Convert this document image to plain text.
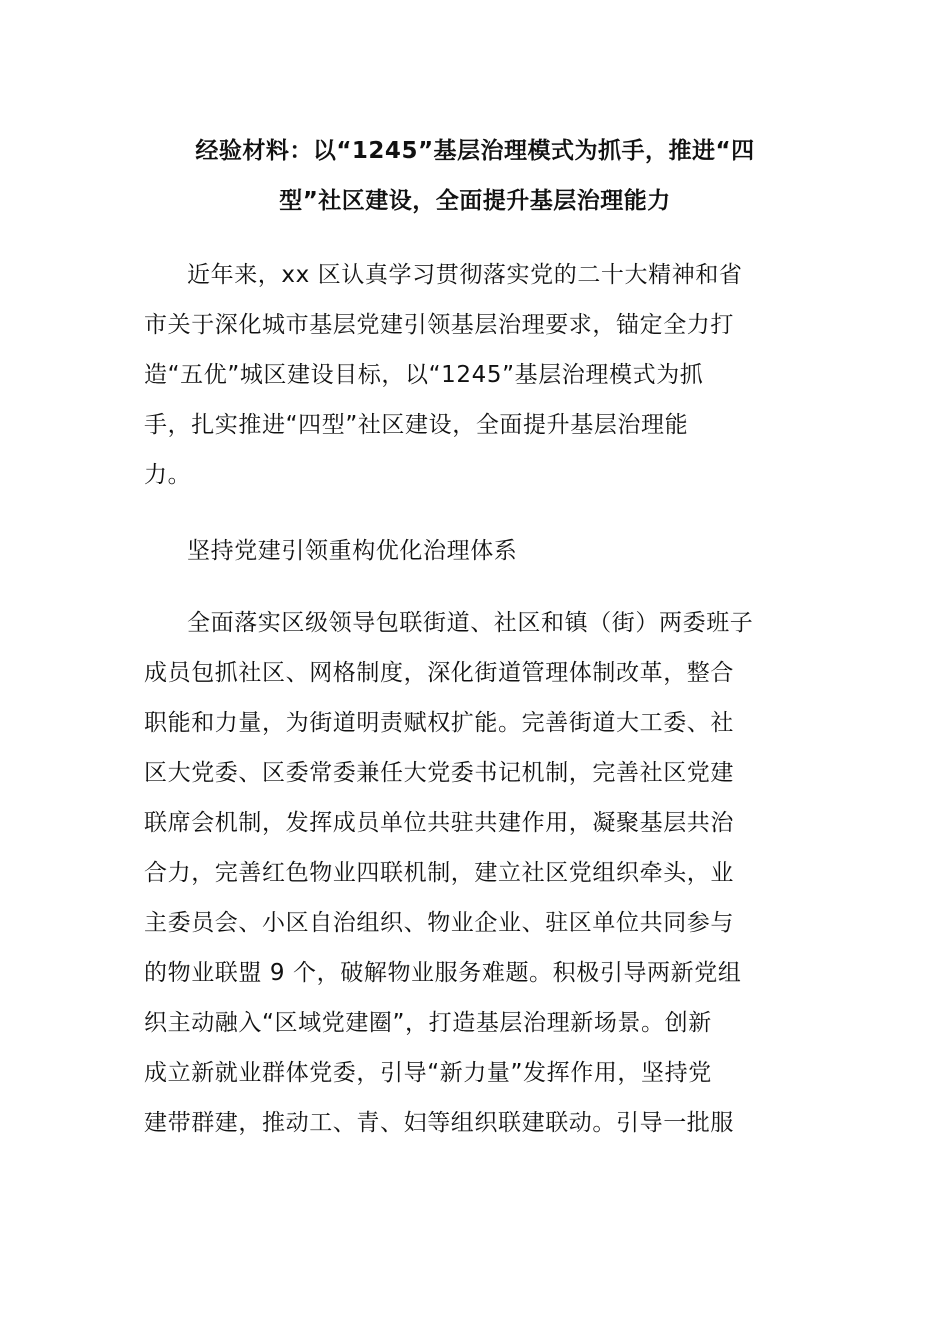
经验材料：以“1245”基层治理模式为抓手，推进“四
型”社区建设，全面提升基层治理能力
近年来，xx 区认真学习贯彻落实党的二十大精神和省
市关于深化城市基层党建引领基层治理要求，锚定全力打
造“五优”城区建设目标，以“1245”基层治理模式为抓
手，扎实推进“四型”社区建设，全面提升基层治理能
力。
坚持党建引领重构优化治理体系
全面落实区级领导包联街道、社区和镇（街）两委班子
成员包抓社区、网格制度，深化街道管理体制改革，整合
职能和力量，为街道明责赋权扩能。完善街道大工委、社
区大党委、区委常委兼任大党委书记机制，完善社区党建
联席会机制，发挥成员单位共驻共建作用，凝聚基层共治
合力，完善红色物业四联机制，建立社区党组织牵头，业
主委员会、小区自治组织、物业企业、驻区单位共同参与
的物业联盟 9 个，破解物业服务难题。积极引导两新党组
织主动融入“区域党建圈”，打造基层治理新场景。创新
成立新就业群体党委，引导“新力量”发挥作用，坚持党
建带群建，推动工、青、妇等组织联建联动。引导一批服
